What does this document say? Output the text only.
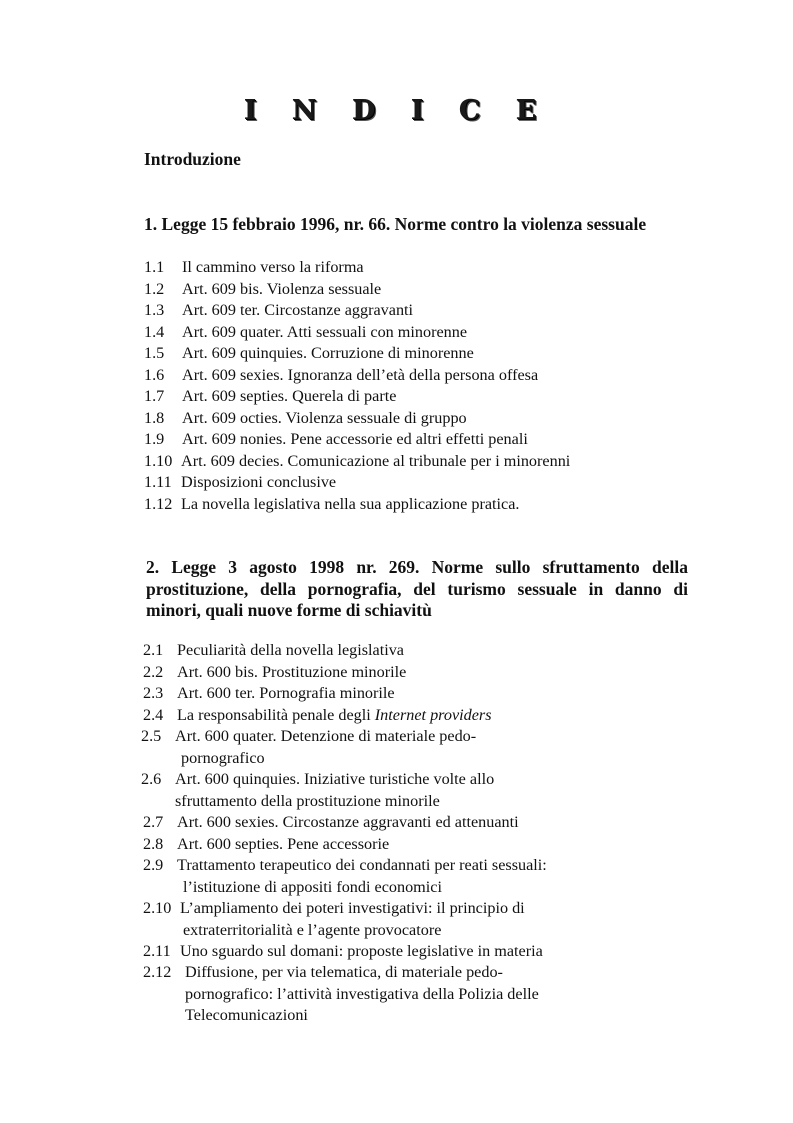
I N D I C E
Introduzione
1. Legge 15 febbraio 1996, nr. 66. Norme contro la violenza sessuale
1.1 Il cammino verso la riforma
1.2 Art. 609 bis. Violenza sessuale
1.3 Art. 609 ter. Circostanze aggravanti
1.4 Art. 609 quater. Atti sessuali con minorenne
1.5 Art. 609 quinquies. Corruzione di minorenne
1.6 Art. 609 sexies. Ignoranza dell’età della persona offesa
1.7 Art. 609 septies. Querela di parte
1.8 Art. 609 octies. Violenza sessuale di gruppo
1.9 Art. 609 nonies. Pene accessorie ed altri effetti penali
1.10 Art. 609 decies. Comunicazione al tribunale per i minorenni
1.11 Disposizioni conclusive
1.12 La novella legislativa nella sua applicazione pratica.
2. Legge 3 agosto 1998 nr. 269. Norme sullo sfruttamento della prostituzione, della pornografia, del turismo sessuale in danno di minori, quali nuove forme di schiavitù
2.1 Peculiarità della novella legislativa
2.2 Art. 600 bis. Prostituzione minorile
2.3 Art. 600 ter. Pornografia minorile
2.4 La responsabilità penale degli Internet providers
2.5 Art. 600 quater. Detenzione di materiale pedo-
pornografico
2.6 Art. 600 quinquies. Iniziative turistiche volte allo
sfruttamento della prostituzione minorile
2.7 Art. 600 sexies. Circostanze aggravanti ed attenuanti
2.8 Art. 600 septies. Pene accessorie
2.9 Trattamento terapeutico dei condannati per reati sessuali:
l’istituzione di appositi fondi economici
2.10 L’ampliamento dei poteri investigativi: il principio di
extraterritorialità e l’agente provocatore
2.11 Uno sguardo sul domani: proposte legislative in materia
2.12 Diffusione, per via telematica, di materiale pedo-
pornografico: l’attività investigativa della Polizia delle
Telecomunicazioni
